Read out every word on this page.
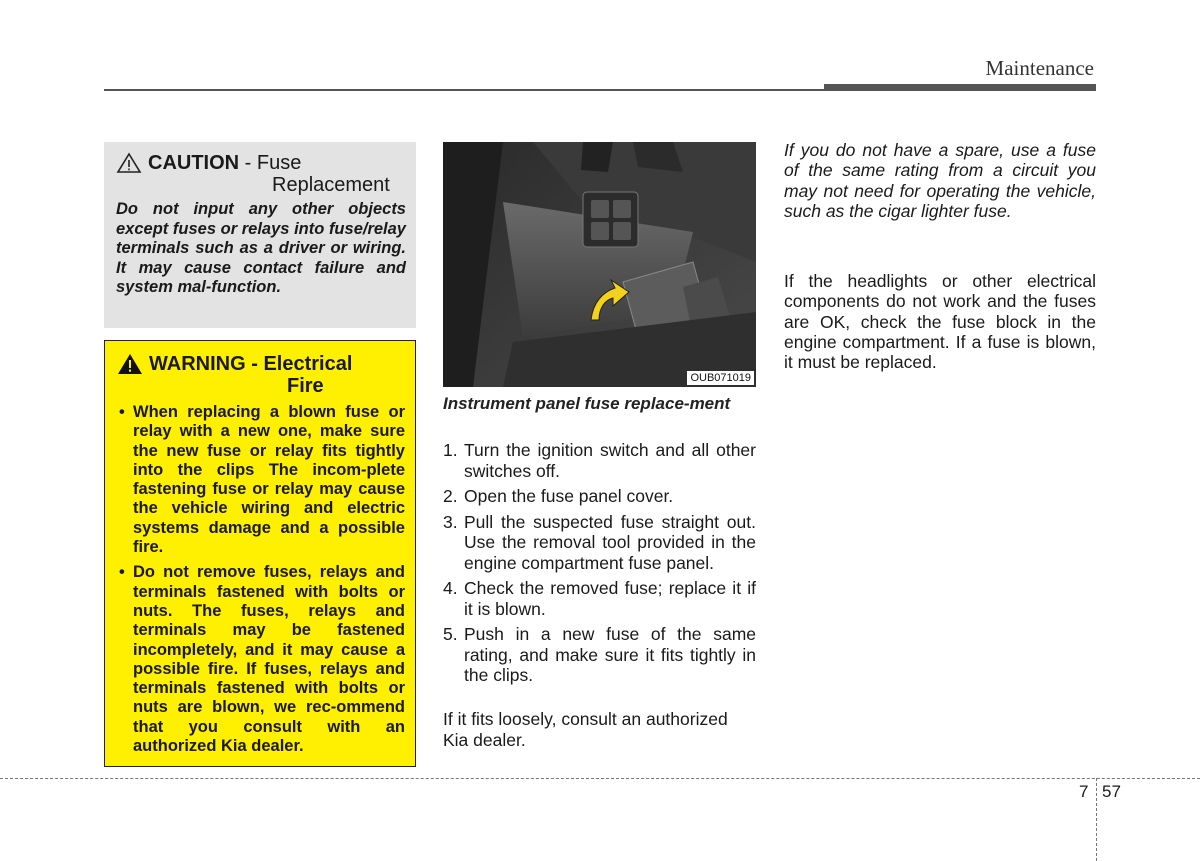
Maintenance
CAUTION - Fuse
Replacement
Do not input any other objects except fuses or relays into fuse/relay terminals such as a driver or wiring. It may cause contact failure and system mal-function.
WARNING - Electrical
Fire
• When replacing a blown fuse or relay with a new one, make sure the new fuse or relay fits tightly into the clips The incom-plete fastening fuse or relay may cause the vehicle wiring and electric systems damage and a possible fire.
• Do not remove fuses, relays and terminals fastened with bolts or nuts. The fuses, relays and terminals may be fastened incompletely, and it may cause a possible fire. If fuses, relays and terminals fastened with bolts or nuts are blown, we rec-ommend that you consult with an authorized Kia dealer.
OUB071019
Instrument panel fuse replace-ment
1. Turn the ignition switch and all other switches off.
2. Open the fuse panel cover.
3. Pull the suspected fuse straight out. Use the removal tool provided in the engine compartment fuse panel.
4. Check the removed fuse; replace it if it is blown.
5. Push in a new fuse of the same rating, and make sure it fits tightly in the clips.
If it fits loosely, consult an authorized Kia dealer.
If you do not have a spare, use a fuse of the same rating from a circuit you may not need for operating the vehicle, such as the cigar lighter fuse.
If the headlights or other electrical components do not work and the fuses are OK, check the fuse block in the engine compartment. If a fuse is blown, it must be replaced.
7 57
